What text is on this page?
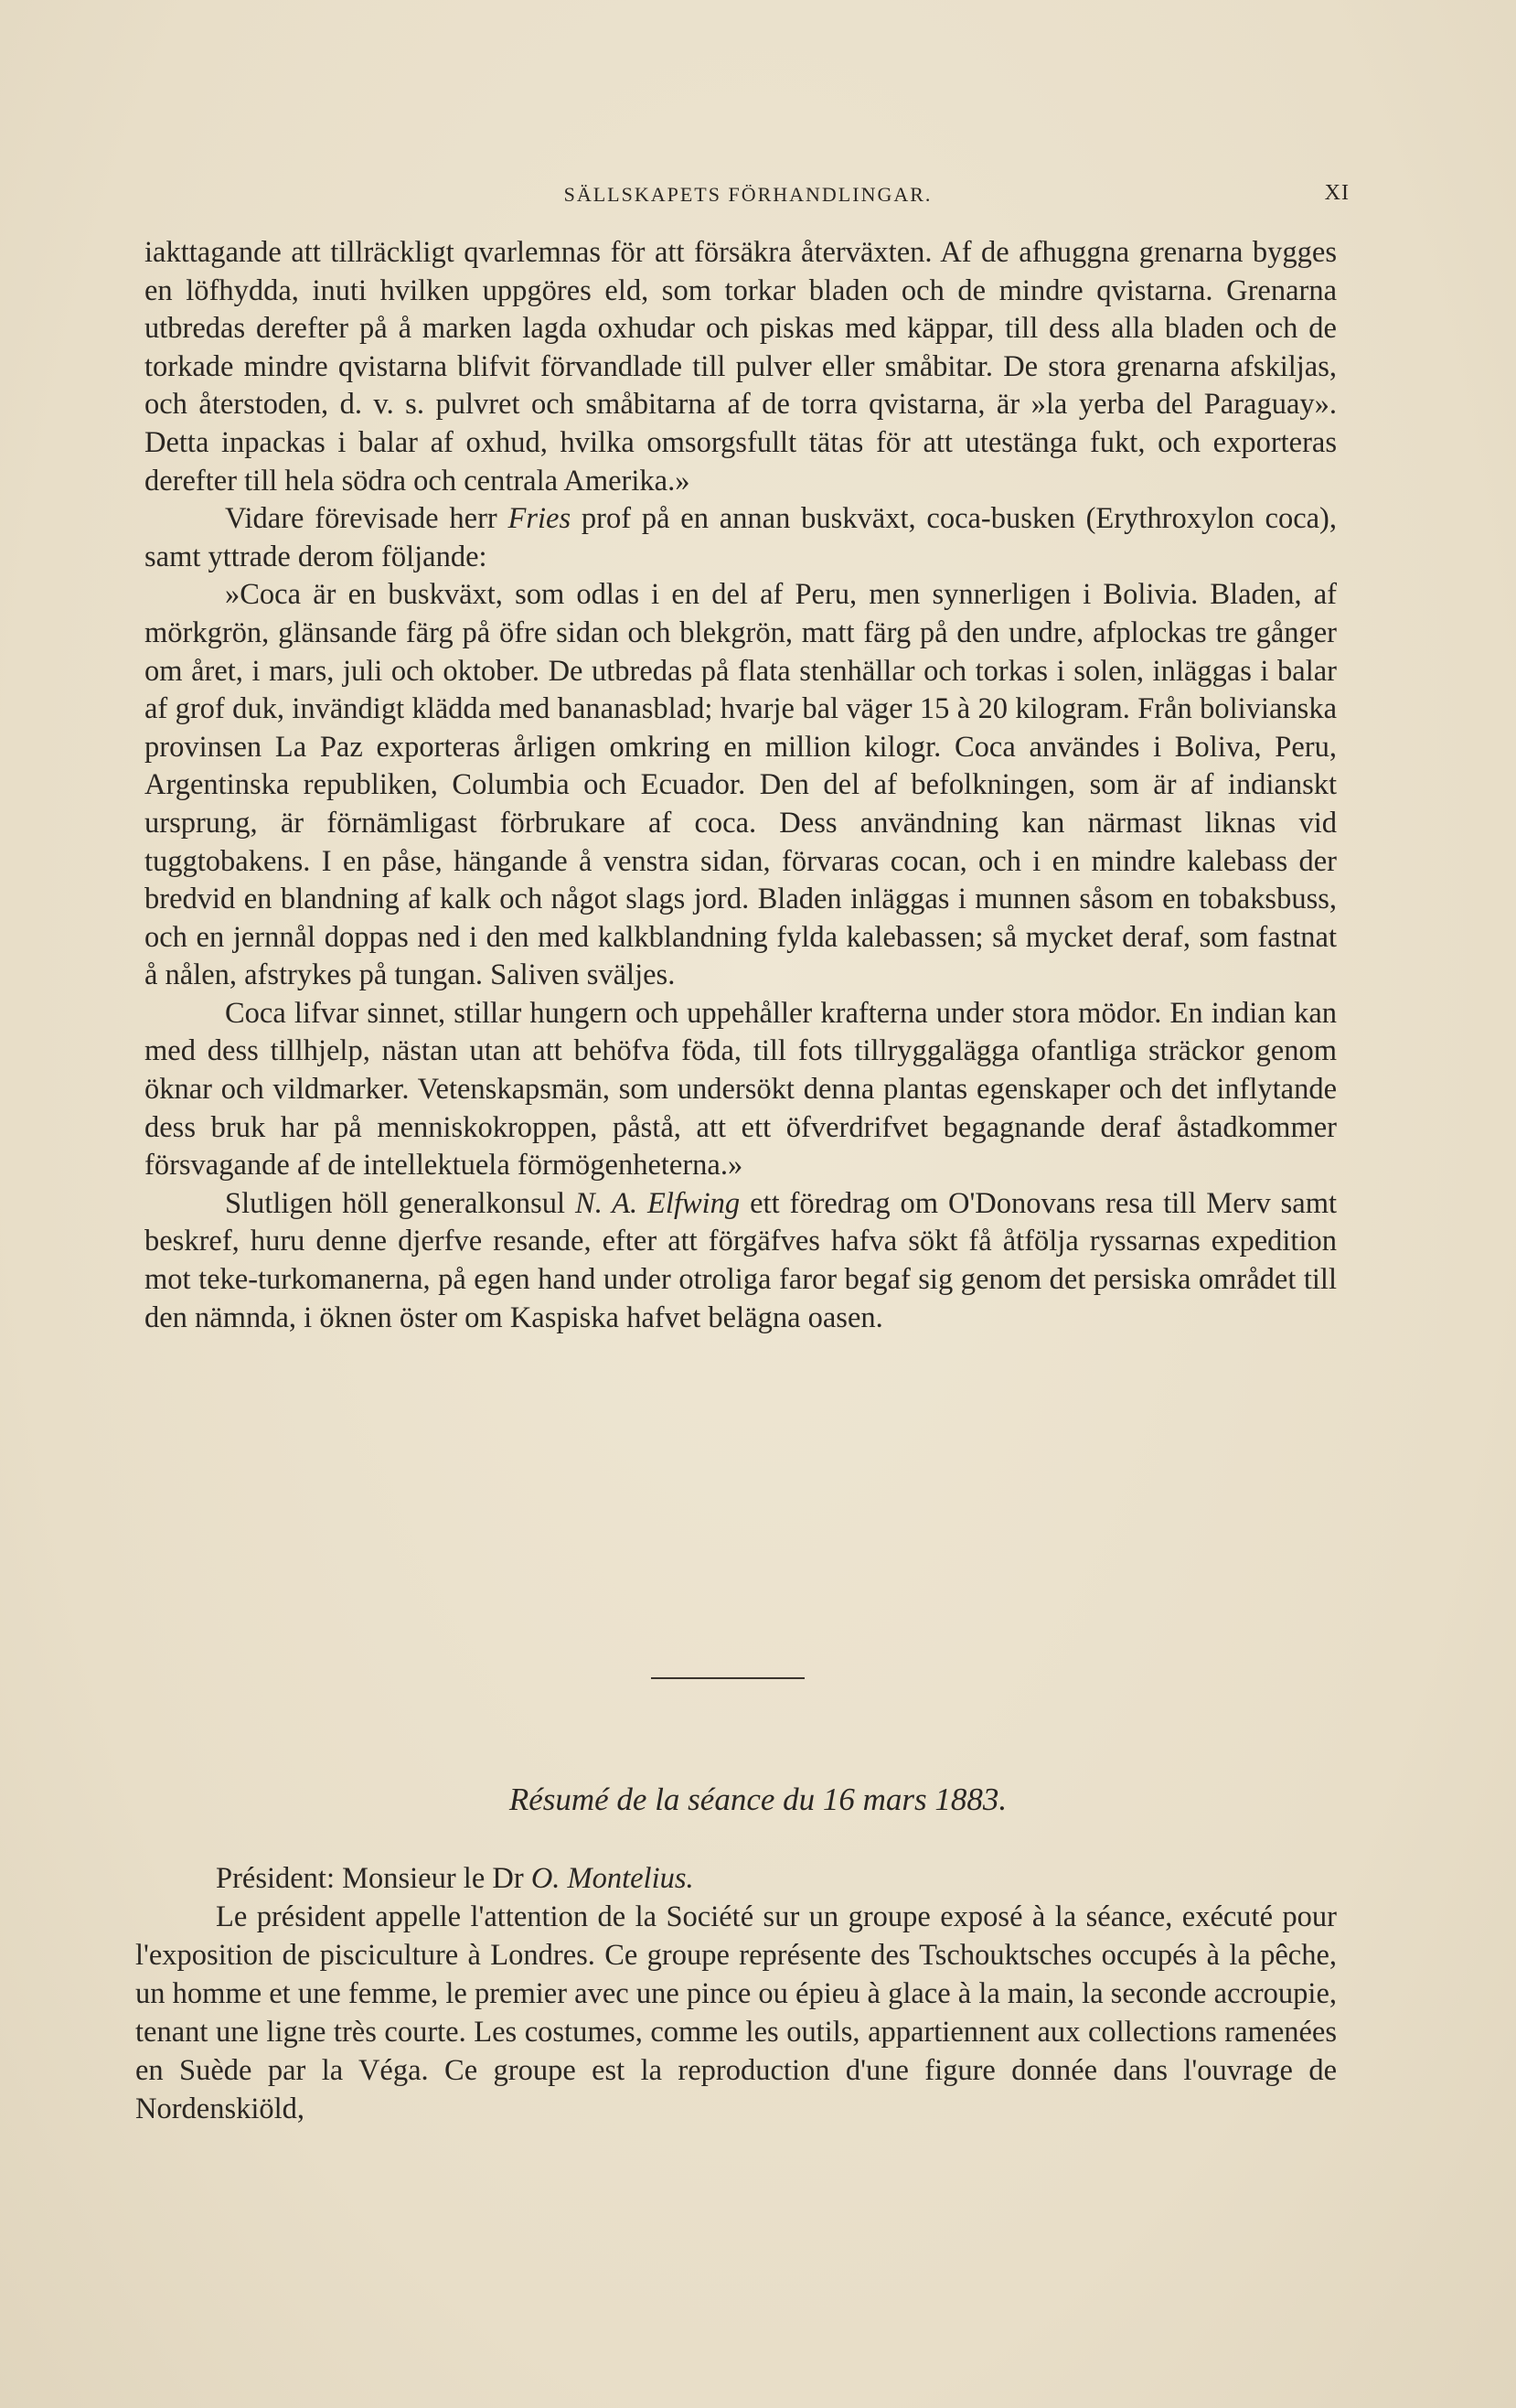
SÄLLSKAPETS FÖRHANDLINGAR.	XI

iakttagande att tillräckligt qvarlemnas för att försäkra återväxten. Af de afhuggna grenarna bygges en löfhydda, inuti hvilken uppgöres eld, som torkar bladen och de mindre qvistarna. Grenarna utbredas derefter på å marken lagda oxhudar och piskas med käppar, till dess alla bladen och de torkade mindre qvistarna blifvit förvandlade till pulver eller småbitar. De stora grenarna afskiljas, och återstoden, d. v. s. pulvret och småbitarna af de torra qvistarna, är »la yerba del Paraguay». Detta inpackas i balar af oxhud, hvilka omsorgsfullt tätas för att utestänga fukt, och exporteras derefter till hela södra och centrala Amerika.»

Vidare förevisade herr Fries prof på en annan buskväxt, coca-busken (Erythroxylon coca), samt yttrade derom följande:

»Coca är en buskväxt, som odlas i en del af Peru, men synnerligen i Bolivia. Bladen, af mörkgrön, glänsande färg på öfre sidan och blekgrön, matt färg på den undre, afplockas tre gånger om året, i mars, juli och oktober. De utbredas på flata stenhällar och torkas i solen, inläggas i balar af grof duk, invändigt klädda med bananasblad; hvarje bal väger 15 à 20 kilogram. Från bolivianska provinsen La Paz exporteras årligen omkring en million kilogr. Coca användes i Boliva, Peru, Argentinska republiken, Columbia och Ecuador. Den del af befolkningen, som är af indianskt ursprung, är förnämligast förbrukare af coca. Dess användning kan närmast liknas vid tuggtobakens. I en påse, hängande å venstra sidan, förvaras cocan, och i en mindre kalebass der bredvid en blandning af kalk och något slags jord. Bladen inläggas i munnen såsom en tobaksbuss, och en jernnål doppas ned i den med kalkblandning fylda kalebassen; så mycket deraf, som fastnat å nålen, afstrykes på tungan. Saliven sväljes.

Coca lifvar sinnet, stillar hungern och uppehåller krafterna under stora mödor. En indian kan med dess tillhjelp, nästan utan att behöfva föda, till fots tillryggalägga ofantliga sträckor genom öknar och vildmarker. Vetenskapsmän, som undersökt denna plantas egenskaper och det inflytande dess bruk har på menniskokroppen, påstå, att ett öfverdrifvet begagnande deraf åstadkommer försvagande af de intellektuela förmögenheterna.»

Slutligen höll generalkonsul N. A. Elfwing ett föredrag om O'Donovans resa till Merv samt beskref, huru denne djerfve resande, efter att förgäfves hafva sökt få åtfölja ryssarnas expedition mot teke-turkomanerna, på egen hand under otroliga faror begaf sig genom det persiska området till den nämnda, i öknen öster om Kaspiska hafvet belägna oasen.

Résumé de la séance du 16 mars 1883.

Président: Monsieur le Dr O. Montelius.

Le président appelle l'attention de la Société sur un groupe exposé à la séance, exécuté pour l'exposition de pisciculture à Londres. Ce groupe représente des Tschouktsches occupés à la pêche, un homme et une femme, le premier avec une pince ou épieu à glace à la main, la seconde accroupie, tenant une ligne très courte. Les costumes, comme les outils, appartiennent aux collections ramenées en Suède par la Véga. Ce groupe est la reproduction d'une figure donnée dans l'ouvrage de Nordenskiöld,
